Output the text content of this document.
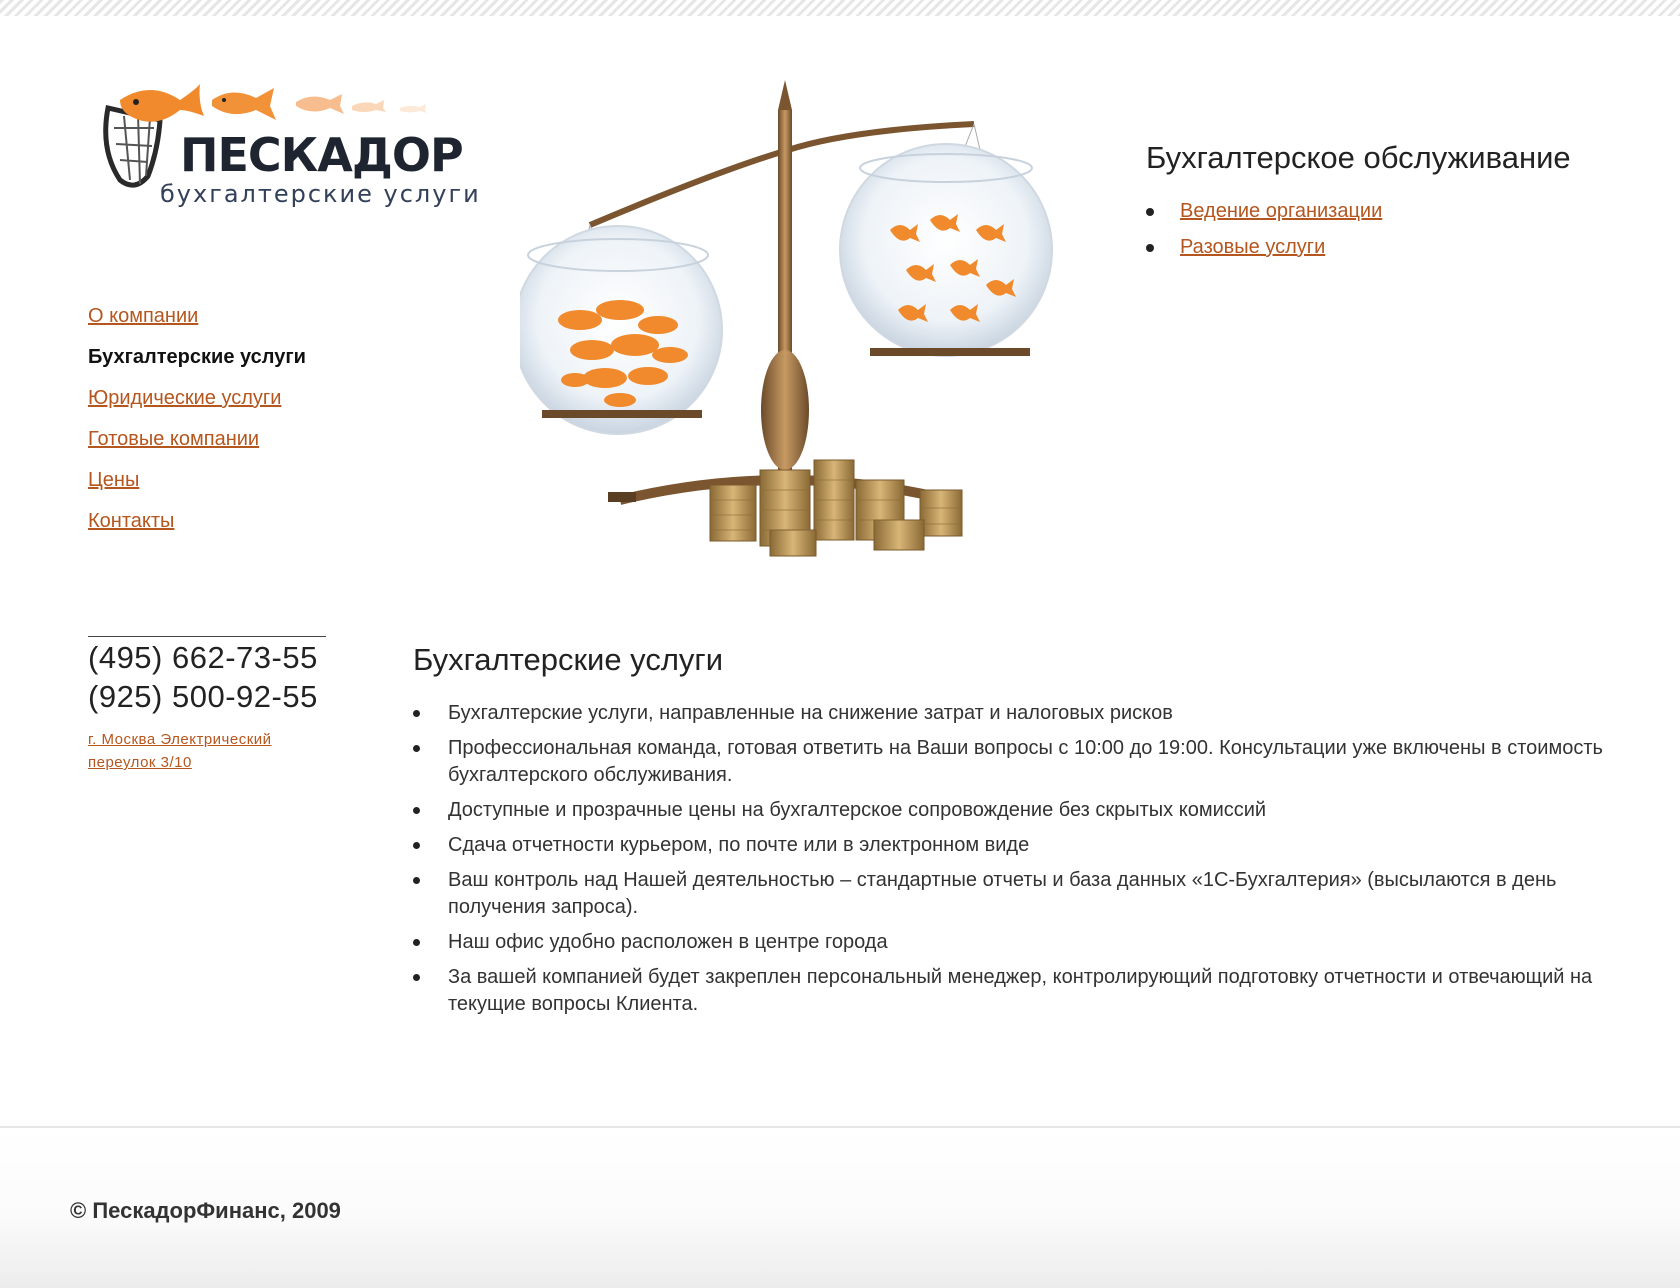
ПЕСКАДОР
бухгалтерские услуги
О компании
Бухгалтерские услуги
Юридические услуги
Готовые компании
Цены
Контакты
(495) 662-73-55
(925) 500-92-55
г. Москва Электрический переулок 3/10
Бухгалтерское обслуживание
Ведение организации
Разовые услуги
Бухгалтерские услуги
Бухгалтерские услуги, направленные на снижение затрат и налоговых рисков
Профессиональная команда, готовая ответить на Ваши вопросы с 10:00 до 19:00. Консультации уже включены в стоимость бухгалтерского обслуживания.
Доступные и прозрачные цены на бухгалтерское сопровождение без скрытых комиссий
Сдача отчетности курьером, по почте или в электронном виде
Ваш контроль над Нашей деятельностью – стандартные отчеты и база данных «1С-Бухгалтерия» (высылаются в день получения запроса).
Наш офис удобно расположен в центре города
За вашей компанией будет закреплен персональный менеджер, контролирующий подготовку отчетности и отвечающий на текущие вопросы Клиента.
© ПескадорФинанс, 2009
